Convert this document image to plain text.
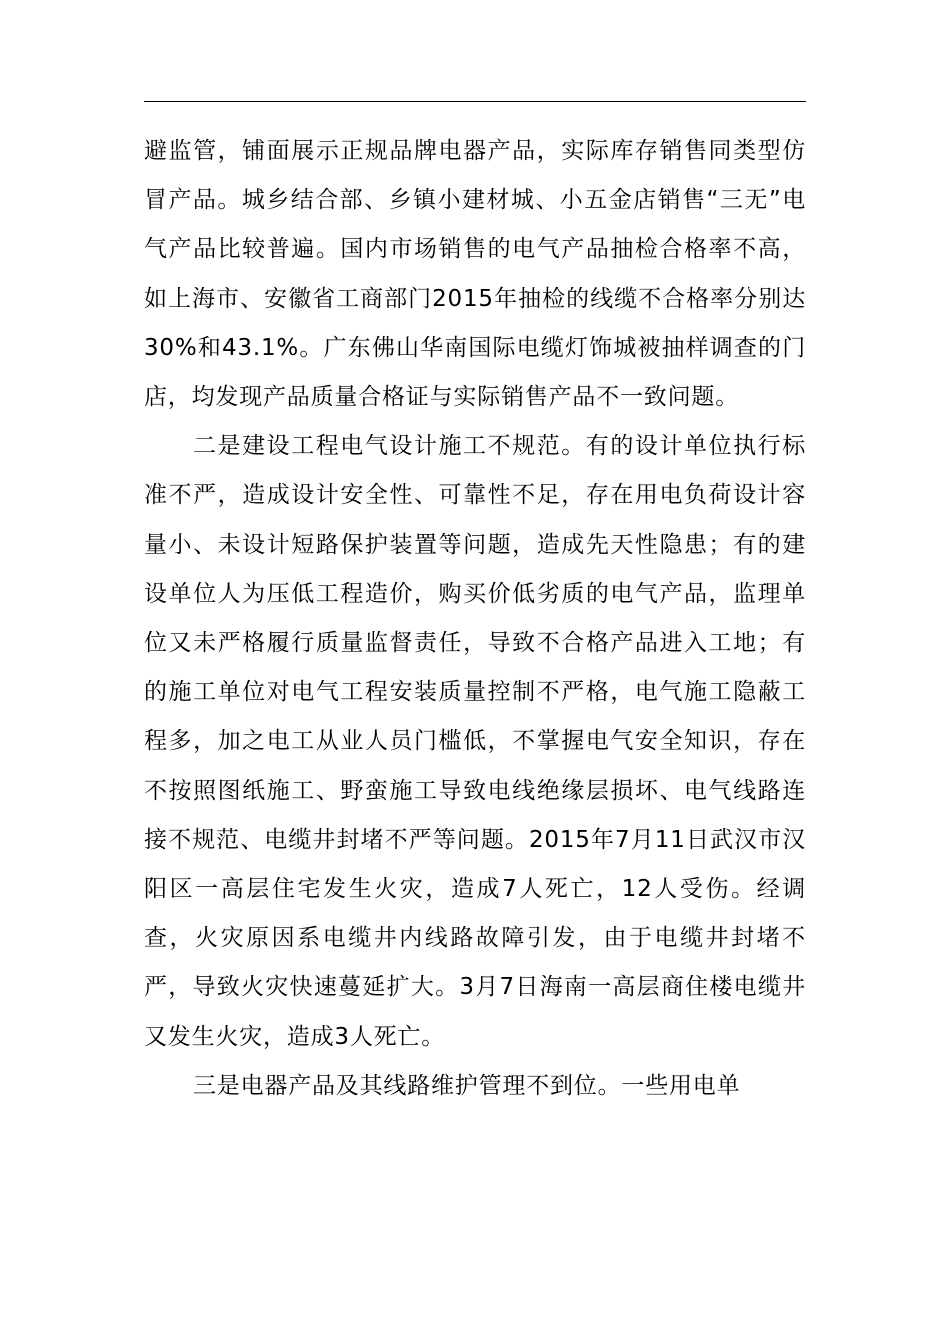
避监管，铺面展示正规品牌电器产品，实际库存销售同类型仿冒产品。城乡结合部、乡镇小建材城、小五金店销售“三无”电气产品比较普遍。国内市场销售的电气产品抽检合格率不高，如上海市、安徽省工商部门2015年抽检的线缆不合格率分别达30%和43.1%。广东佛山华南国际电缆灯饰城被抽样调查的门店，均发现产品质量合格证与实际销售产品不一致问题。

二是建设工程电气设计施工不规范。有的设计单位执行标准不严，造成设计安全性、可靠性不足，存在用电负荷设计容量小、未设计短路保护装置等问题，造成先天性隐患；有的建设单位人为压低工程造价，购买价低劣质的电气产品，监理单位又未严格履行质量监督责任，导致不合格产品进入工地；有的施工单位对电气工程安装质量控制不严格，电气施工隐蔽工程多，加之电工从业人员门槛低，不掌握电气安全知识，存在不按照图纸施工、野蛮施工导致电线绝缘层损坏、电气线路连接不规范、电缆井封堵不严等问题。2015年7月11日武汉市汉阳区一高层住宅发生火灾，造成7人死亡，12人受伤。经调查，火灾原因系电缆井内线路故障引发，由于电缆井封堵不严，导致火灾快速蔓延扩大。3月7日海南一高层商住楼电缆井又发生火灾，造成3人死亡。

三是电器产品及其线路维护管理不到位。一些用电单
